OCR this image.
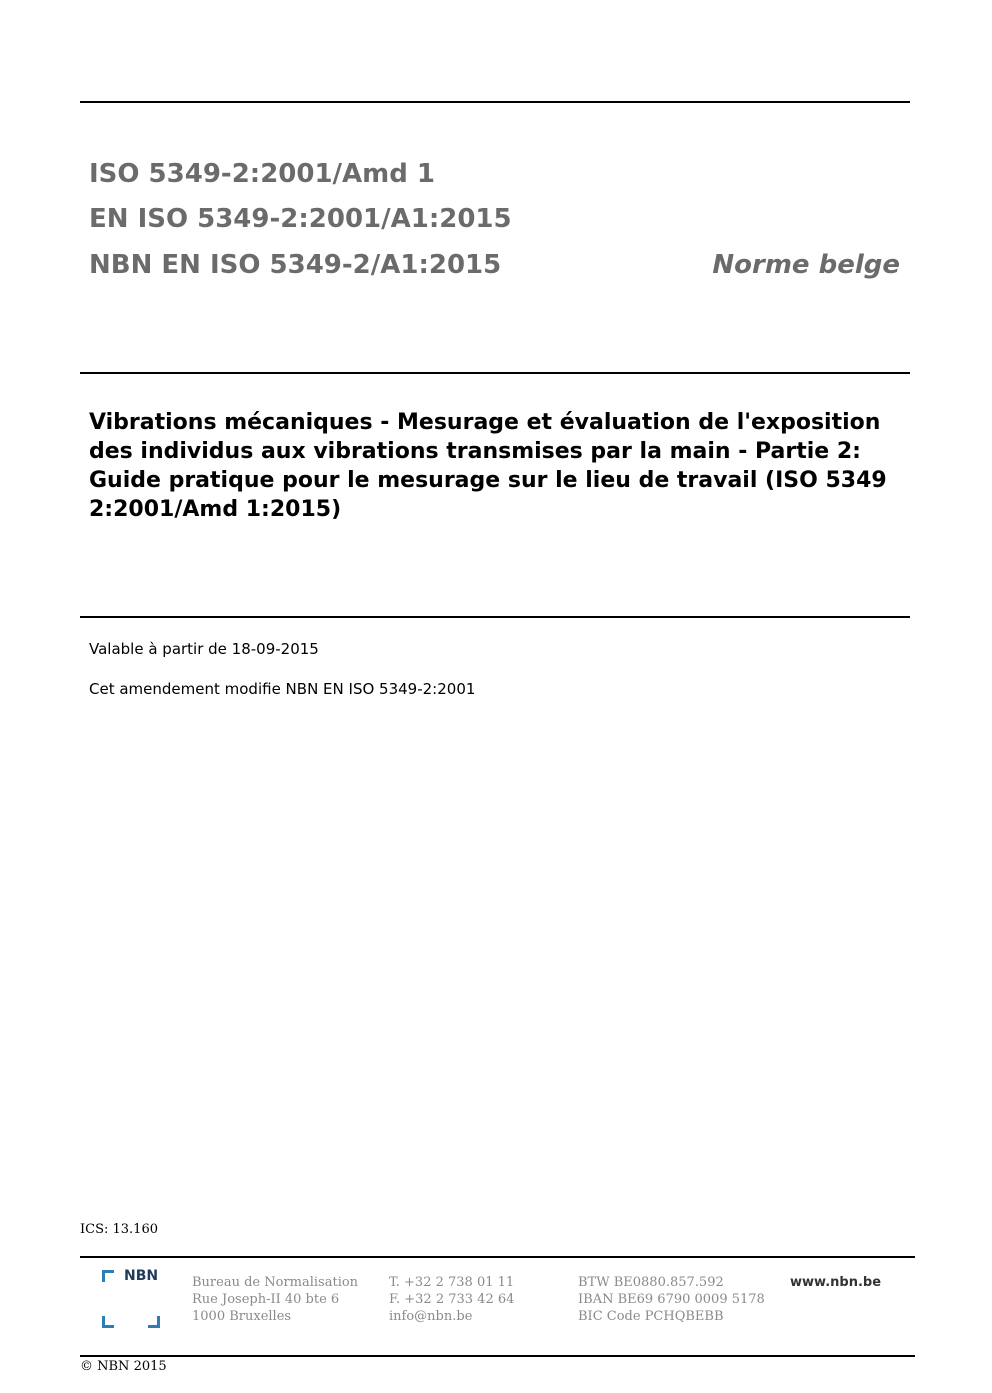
ISO 5349-2:2001/Amd 1
EN ISO 5349-2:2001/A1:2015
NBN EN ISO 5349-2/A1:2015	Norme belge
Vibrations mécaniques - Mesurage et évaluation de l'exposition des individus aux vibrations transmises par la main - Partie 2: Guide pratique pour le mesurage sur le lieu de travail (ISO 5349 2:2001/Amd 1:2015)
Valable à partir de 18-09-2015
Cet amendement modifie NBN EN ISO 5349-2:2001
ICS: 13.160
NBN	Bureau de Normalisation
Rue Joseph-II 40 bte 6
1000 Bruxelles
T. +32 2 738 01 11
F. +32 2 733 42 64
info@nbn.be
BTW BE0880.857.592
IBAN BE69 6790 0009 5178
BIC Code PCHQBEBB
www.nbn.be
© NBN 2015
